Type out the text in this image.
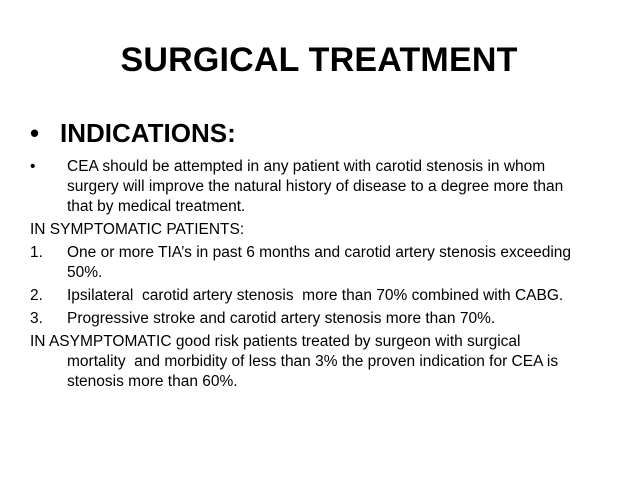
SURGICAL TREATMENT
• INDICATIONS:
• CEA should be attempted in any patient with carotid stenosis in whom
surgery will improve the natural history of disease to a degree more than
that by medical treatment.
IN SYMPTOMATIC PATIENTS:
1. One or more TIA’s in past 6 months and carotid artery stenosis exceeding
50%.
2. Ipsilateral  carotid artery stenosis  more than 70% combined with CABG.
3. Progressive stroke and carotid artery stenosis more than 70%.
IN ASYMPTOMATIC good risk patients treated by surgeon with surgical
mortality  and morbidity of less than 3% the proven indication for CEA is
stenosis more than 60%.
